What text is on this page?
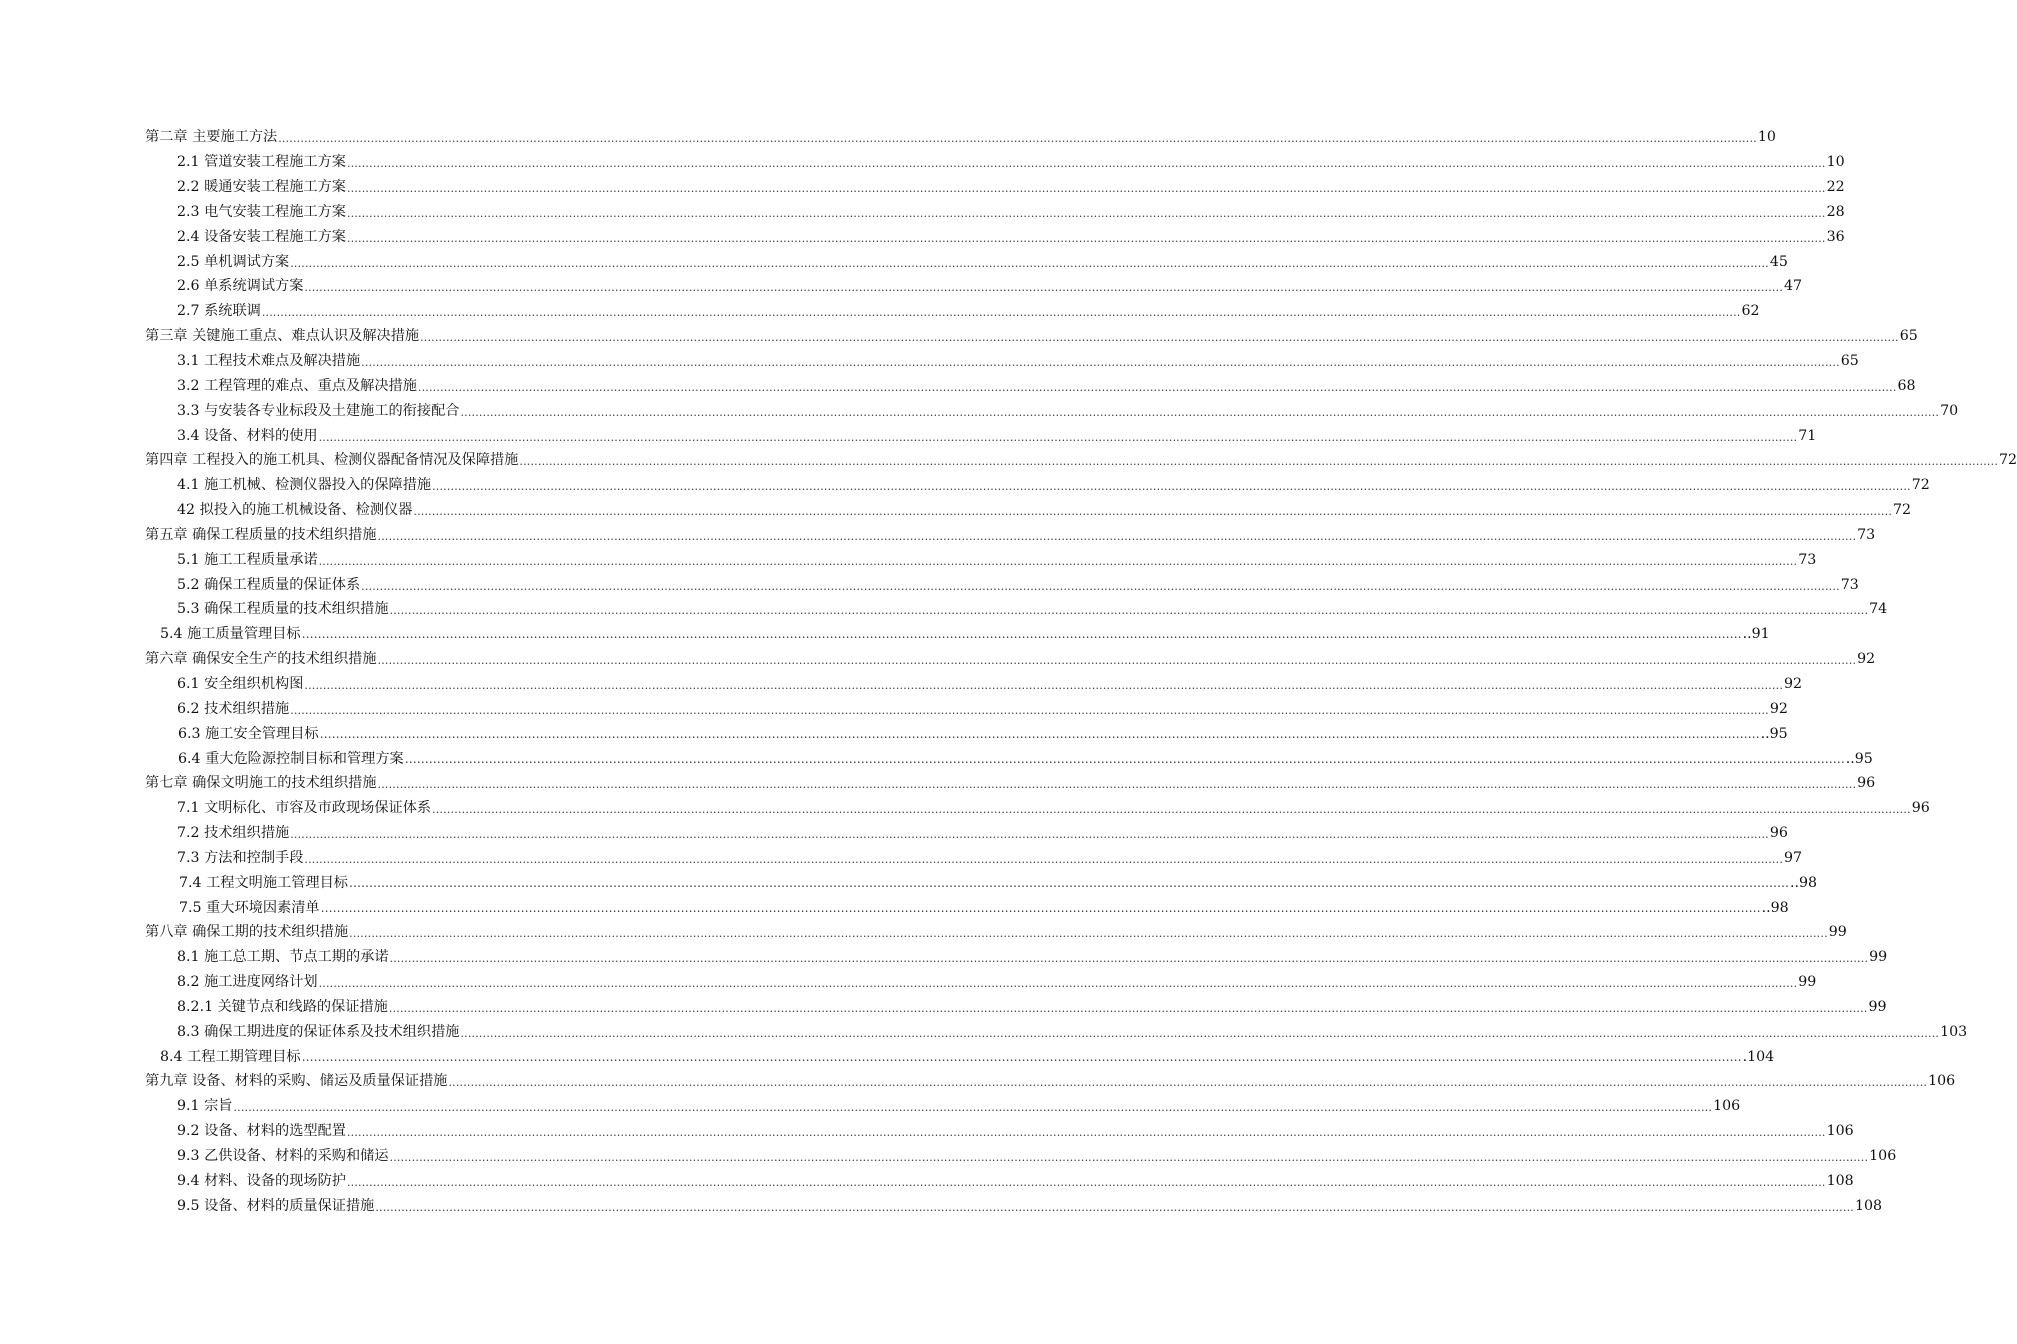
第二章 主要施工方法 ................................................................................................................................................................................................................................................................................................................................................................................................................ 10
2.1 管道安装工程施工方案 ................................................................................................................................................................................................................................................................................................................................................................................................................ 10
2.2 暖通安装工程施工方案 ................................................................................................................................................................................................................................................................................................................................................................................................................ 22
2.3 电气安装工程施工方案 ................................................................................................................................................................................................................................................................................................................................................................................................................ 28
2.4 设备安装工程施工方案 ................................................................................................................................................................................................................................................................................................................................................................................................................ 36
2.5 单机调试方案 ................................................................................................................................................................................................................................................................................................................................................................................................................ 45
2.6 单系统调试方案 ................................................................................................................................................................................................................................................................................................................................................................................................................ 47
2.7 系统联调 ................................................................................................................................................................................................................................................................................................................................................................................................................ 62
第三章 关键施工重点、难点认识及解决措施 ................................................................................................................................................................................................................................................................................................................................................................................................................ 65
3.1 工程技术难点及解决措施 ................................................................................................................................................................................................................................................................................................................................................................................................................ 65
3.2 工程管理的难点、重点及解决措施 ................................................................................................................................................................................................................................................................................................................................................................................................................ 68
3.3 与安装各专业标段及土建施工的衔接配合 ................................................................................................................................................................................................................................................................................................................................................................................................................ 70
3.4 设备、材料的使用 ................................................................................................................................................................................................................................................................................................................................................................................................................ 71
第四章 工程投入的施工机具、检测仪器配备情况及保障措施 ................................................................................................................................................................................................................................................................................................................................................................................................................ 72
4.1 施工机械、检测仪器投入的保障措施 ................................................................................................................................................................................................................................................................................................................................................................................................................ 72
42 拟投入的施工机械设备、检测仪器 ................................................................................................................................................................................................................................................................................................................................................................................................................ 72
第五章 确保工程质量的技术组织措施 ................................................................................................................................................................................................................................................................................................................................................................................................................ 73
5.1 施工工程质量承诺 ................................................................................................................................................................................................................................................................................................................................................................................................................ 73
5.2 确保工程质量的保证体系 ................................................................................................................................................................................................................................................................................................................................................................................................................ 73
5.3 确保工程质量的技术组织措施 ................................................................................................................................................................................................................................................................................................................................................................................................................ 74
5.4 施工质量管理目标 ……………………………………………………………………………………………………………………………………………………………………………………………………………………………………………………………………………………………………………………………… ..91
第六章 确保安全生产的技术组织措施 ................................................................................................................................................................................................................................................................................................................................................................................................................ 92
6.1 安全组织机构图 ................................................................................................................................................................................................................................................................................................................................................................................................................ 92
6.2 技术组织措施 ................................................................................................................................................................................................................................................................................................................................................................................................................ 92
6.3 施工安全管理目标 ……………………………………………………………………………………………………………………………………………………………………………………………………………………………………………………………………………………………………………………………… ..95
6.4 重大危险源控制目标和管理方案 ……………………………………………………………………………………………………………………………………………………………………………………………………………………………………………………………………………………………………………………………… ..95
第七章 确保文明施工的技术组织措施 ................................................................................................................................................................................................................................................................................................................................................................................................................ 96
7.1 文明标化、市容及市政现场保证体系 ................................................................................................................................................................................................................................................................................................................................................................................................................ 96
7.2 技术组织措施 ................................................................................................................................................................................................................................................................................................................................................................................................................ 96
7.3 方法和控制手段 ................................................................................................................................................................................................................................................................................................................................................................................................................ 97
7.4 工程文明施工管理目标 ……………………………………………………………………………………………………………………………………………………………………………………………………………………………………………………………………………………………………………………………… ..98
7.5 重大环境因素清单 ……………………………………………………………………………………………………………………………………………………………………………………………………………………………………………………………………………………………………………………………… ..98
第八章 确保工期的技术组织措施 ................................................................................................................................................................................................................................................................................................................................................................................................................ 99
8.1 施工总工期、节点工期的承诺 ................................................................................................................................................................................................................................................................................................................................................................................................................ 99
8.2 施工进度网络计划 ................................................................................................................................................................................................................................................................................................................................................................................................................ 99
8.2.1 关键节点和线路的保证措施 ................................................................................................................................................................................................................................................................................................................................................................................................................ 99
8.3 确保工期进度的保证体系及技术组织措施 ................................................................................................................................................................................................................................................................................................................................................................................................................ 103
8.4 工程工期管理目标 ……………………………………………………………………………………………………………………………………………………………………………………………………………………………………………………………………………………………………………………………… .104
第九章 设备、材料的采购、储运及质量保证措施 ................................................................................................................................................................................................................................................................................................................................................................................................................ 106
9.1 宗旨 ................................................................................................................................................................................................................................................................................................................................................................................................................ 106
9.2 设备、材料的选型配置 ................................................................................................................................................................................................................................................................................................................................................................................................................ 106
9.3 乙供设备、材料的采购和储运 ................................................................................................................................................................................................................................................................................................................................................................................................................ 106
9.4 材料、设备的现场防护 ................................................................................................................................................................................................................................................................................................................................................................................................................ 108
9.5 设备、材料的质量保证措施 ................................................................................................................................................................................................................................................................................................................................................................................................................ 108
